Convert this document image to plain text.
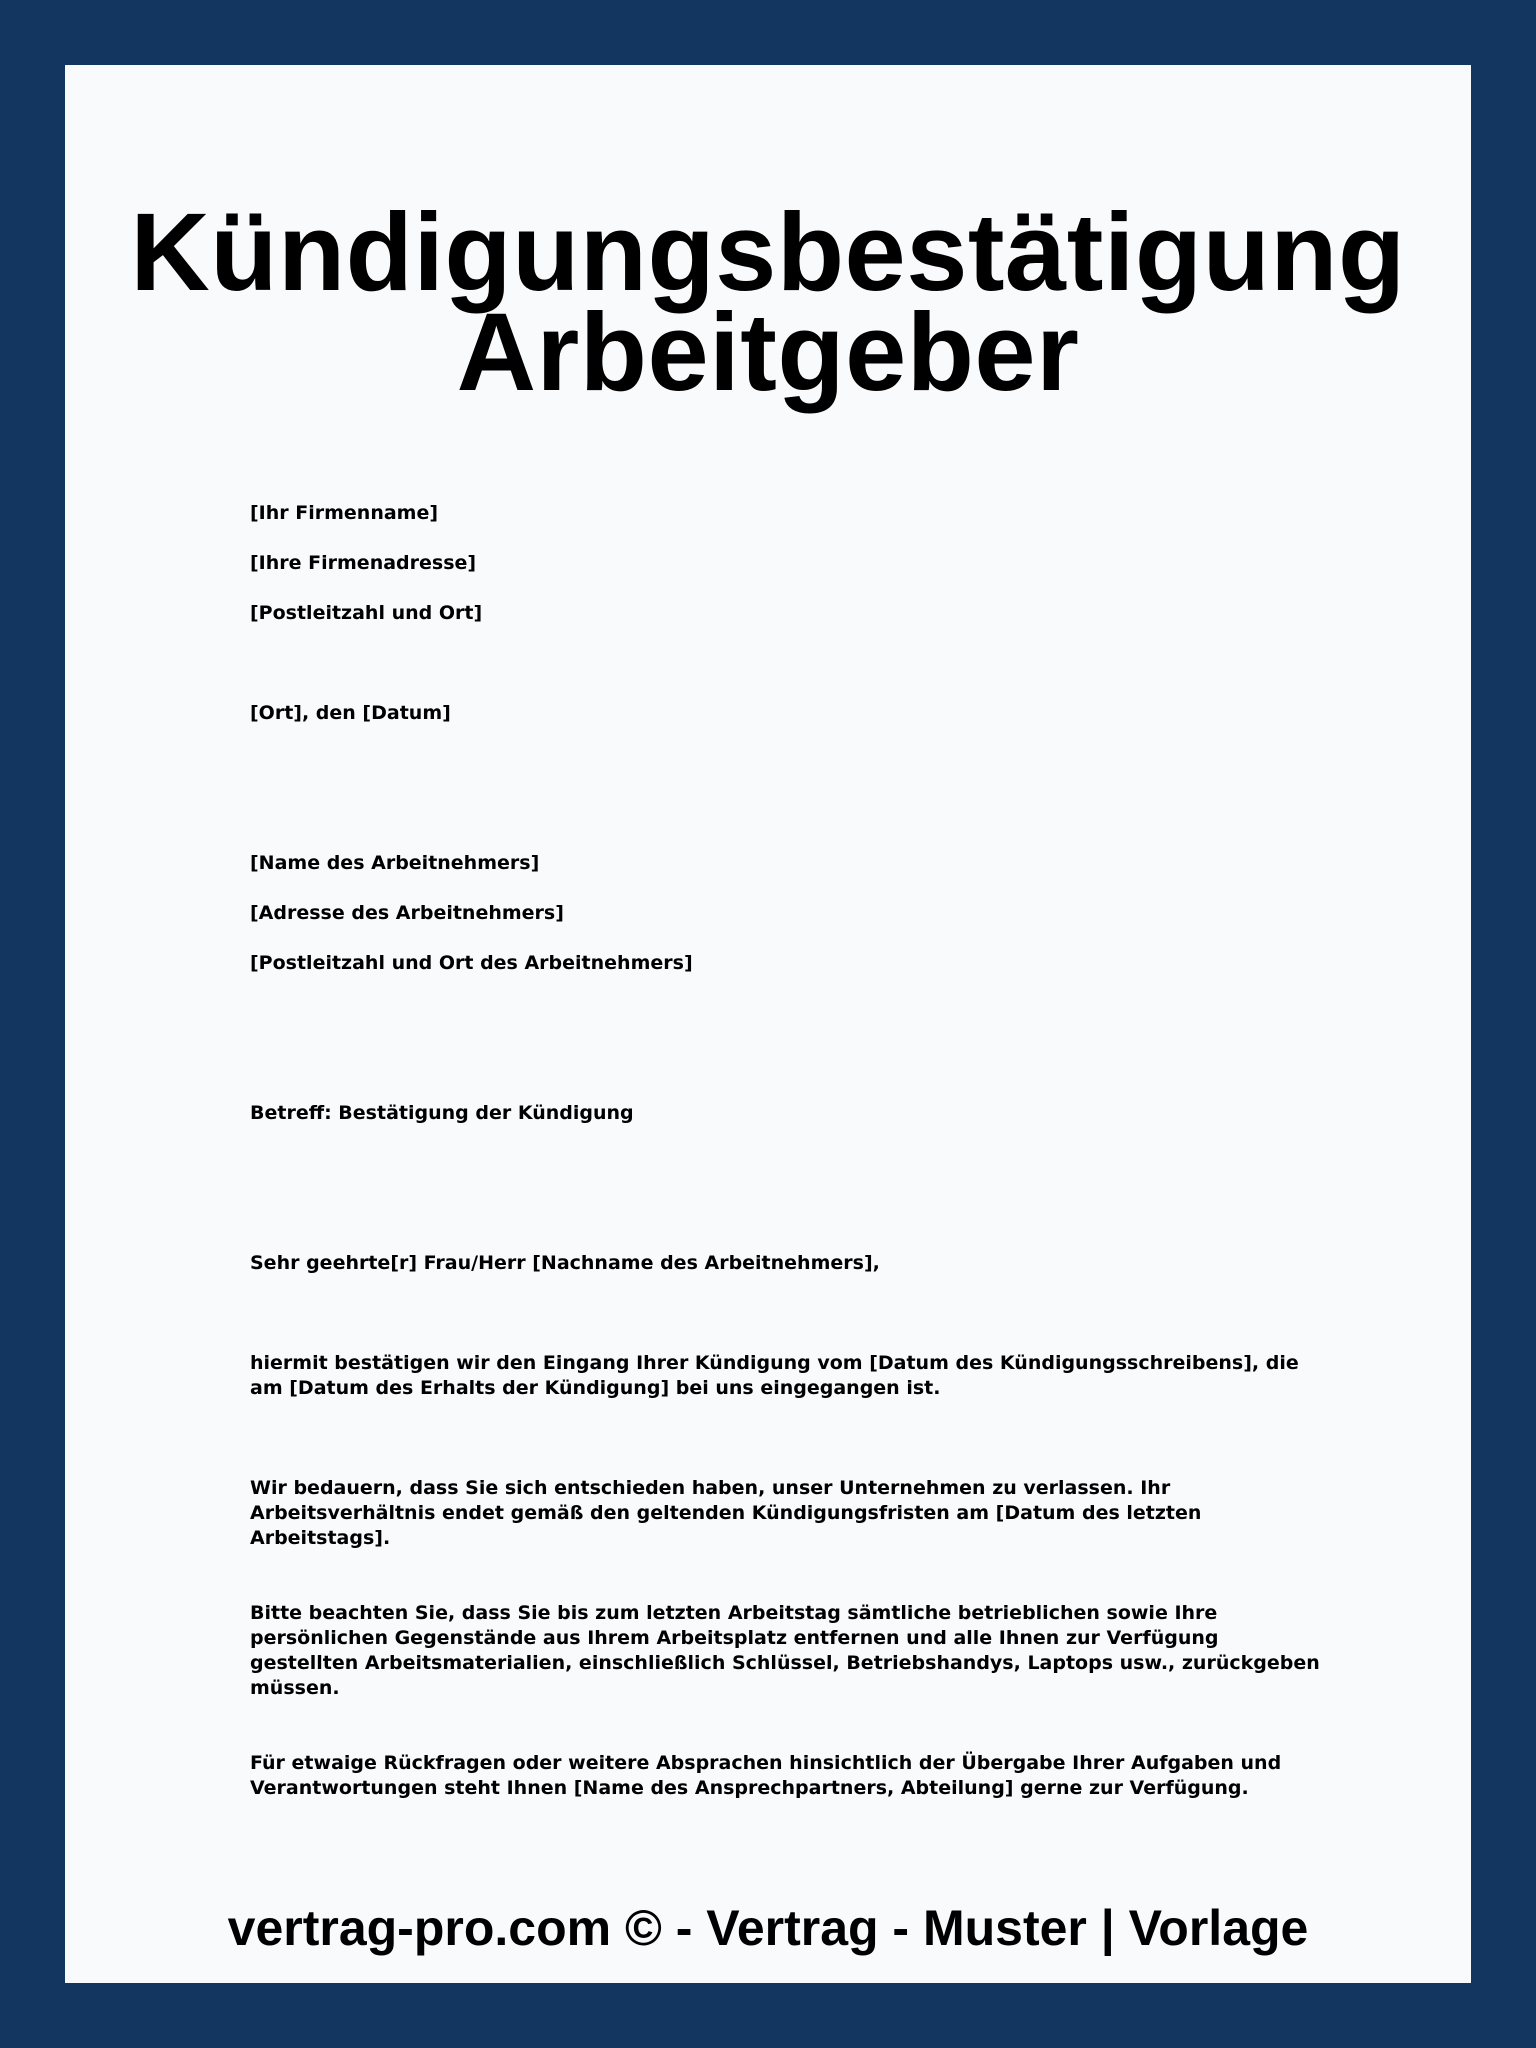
Kündigungsbestätigung
Arbeitgeber

[Ihr Firmenname]

[Ihre Firmenadresse]

[Postleitzahl und Ort]

[Ort], den [Datum]

[Name des Arbeitnehmers]

[Adresse des Arbeitnehmers]

[Postleitzahl und Ort des Arbeitnehmers]

Betreff: Bestätigung der Kündigung

Sehr geehrte[r] Frau/Herr [Nachname des Arbeitnehmers],

hiermit bestätigen wir den Eingang Ihrer Kündigung vom [Datum des Kündigungsschreibens], die am [Datum des Erhalts der Kündigung] bei uns eingegangen ist.

Wir bedauern, dass Sie sich entschieden haben, unser Unternehmen zu verlassen. Ihr Arbeitsverhältnis endet gemäß den geltenden Kündigungsfristen am [Datum des letzten Arbeitstags].

Bitte beachten Sie, dass Sie bis zum letzten Arbeitstag sämtliche betrieblichen sowie Ihre persönlichen Gegenstände aus Ihrem Arbeitsplatz entfernen und alle Ihnen zur Verfügung gestellten Arbeitsmaterialien, einschließlich Schlüssel, Betriebshandys, Laptops usw., zurückgeben müssen.

Für etwaige Rückfragen oder weitere Absprachen hinsichtlich der Übergabe Ihrer Aufgaben und Verantwortungen steht Ihnen [Name des Ansprechpartners, Abteilung] gerne zur Verfügung.

vertrag-pro.com © - Vertrag - Muster | Vorlage
